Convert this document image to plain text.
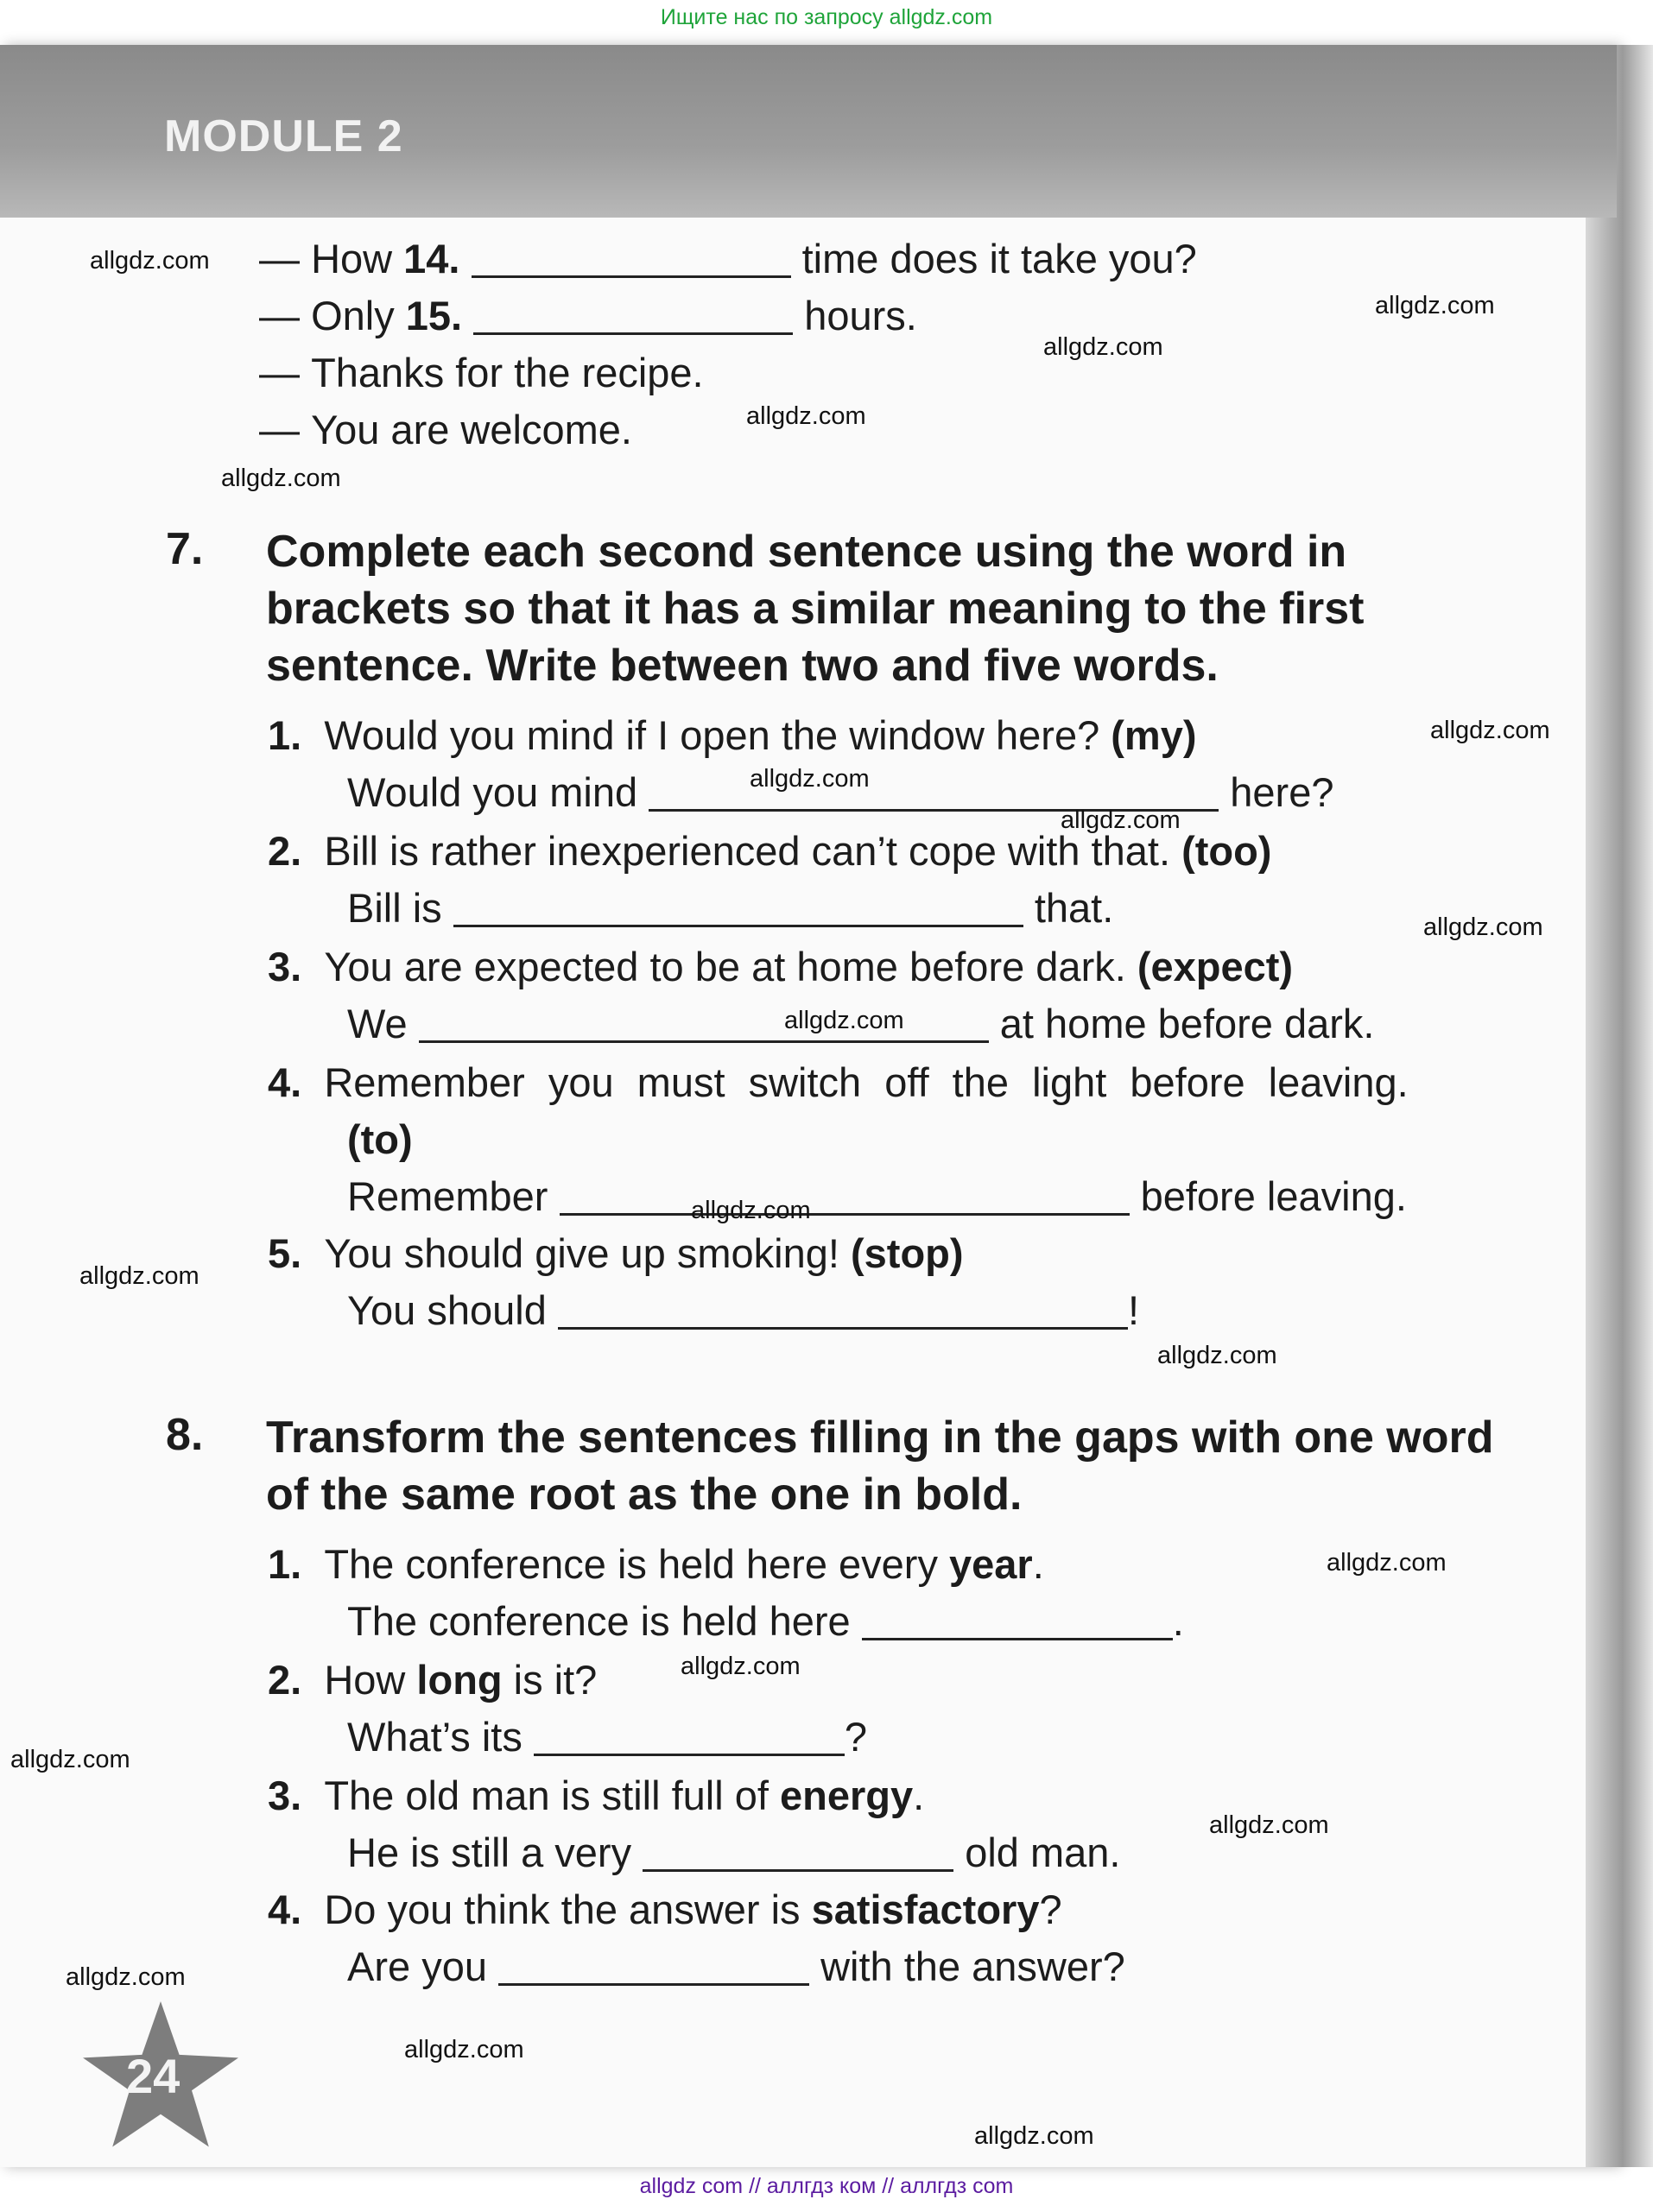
Ищите нас по запросу allgdz.com
MODULE 2
— How 14.	time does it take you?
— Only 15.	hours.
— Thanks for the recipe.
— You are welcome.
7. Complete each second sentence using the word in brackets so that it has a similar meaning to the first sentence. Write between two and five words.
1. Would you mind if I open the window here? (my)
Would you mind	here?
2. Bill is rather inexperienced can’t cope with that. (too)
Bill is	that.
3. You are expected to be at home before dark. (expect)
We	at home before dark.
4. Remember you must switch off the light before leaving.
(to)
Remember	before leaving.
5. You should give up smoking! (stop)
You should	!
8. Transform the sentences filling in the gaps with one word of the same root as the one in bold.
1. The conference is held here every year.
The conference is held here	.
2. How long is it?
What’s its	?
3. The old man is still full of energy.
He is still a very	old man.
4. Do you think the answer is satisfactory?
Are you	with the answer?
24
allgdz.com
allgdz.com
allgdz.com
allgdz.com
allgdz.com
allgdz.com
allgdz.com
allgdz.com
allgdz.com
allgdz.com
allgdz.com
allgdz.com
allgdz.com
allgdz.com
allgdz.com
allgdz.com
allgdz.com
allgdz.com
allgdz.com
allgdz.com
allgdz com // аллгдз ком // аллгдз com
